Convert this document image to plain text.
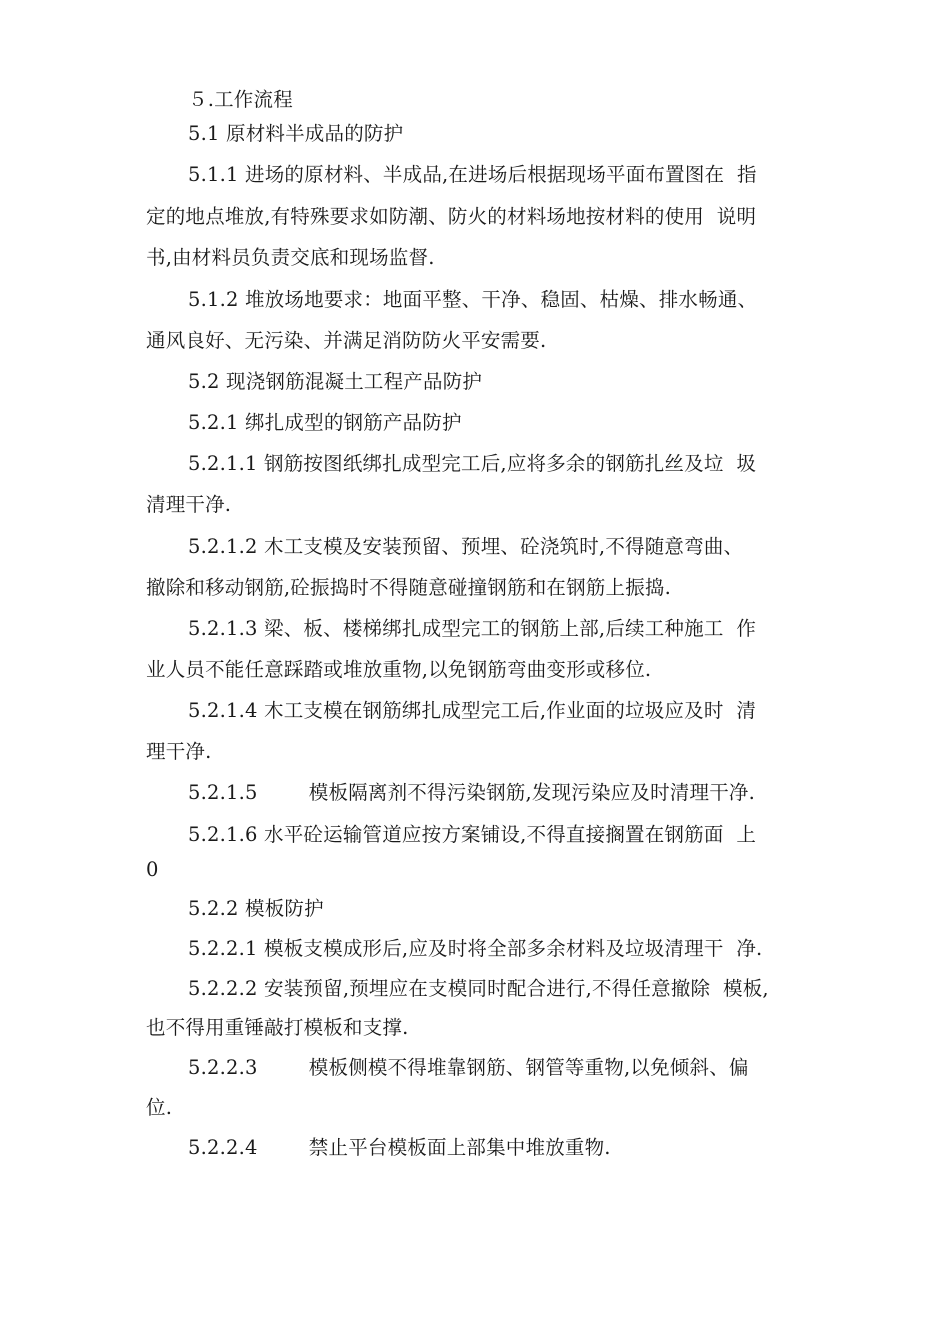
５.工作流程

5.1 原材料半成品的防护

5.1.1 进场的原材料、半成品,在进场后根据现场平面布置图在  指

定的地点堆放,有特殊要求如防潮、防火的材料场地按材料的使用  说明

书,由材料员负责交底和现场监督.

5.1.2 堆放场地要求：地面平整、干净、稳固、枯燥、排水畅通、

通风良好、无污染、并满足消防防火平安需要.

5.2 现浇钢筋混凝土工程产品防护

5.2.1 绑扎成型的钢筋产品防护

5.2.1.1 钢筋按图纸绑扎成型完工后,应将多余的钢筋扎丝及垃  圾

清理干净.

5.2.1.2 木工支模及安装预留、预埋、砼浇筑时,不得随意弯曲、

撤除和移动钢筋,砼振捣时不得随意碰撞钢筋和在钢筋上振捣.

5.2.1.3 梁、板、楼梯绑扎成型完工的钢筋上部,后续工种施工  作

业人员不能任意踩踏或堆放重物,以免钢筋弯曲变形或移位.

5.2.1.4 木工支模在钢筋绑扎成型完工后,作业面的垃圾应及时  清

理干净.

5.2.1.5        模板隔离剂不得污染钢筋,发现污染应及时清理干净.

5.2.1.6 水平砼运输管道应按方案铺设,不得直接搁置在钢筋面  上

0

5.2.2 模板防护

5.2.2.1 模板支模成形后,应及时将全部多余材料及垃圾清理干  净.

5.2.2.2 安装预留,预埋应在支模同时配合进行,不得任意撤除  模板,

也不得用重锤敲打模板和支撑.

5.2.2.3        模板侧模不得堆靠钢筋、钢管等重物,以免倾斜、偏

位.

5.2.2.4        禁止平台模板面上部集中堆放重物.
